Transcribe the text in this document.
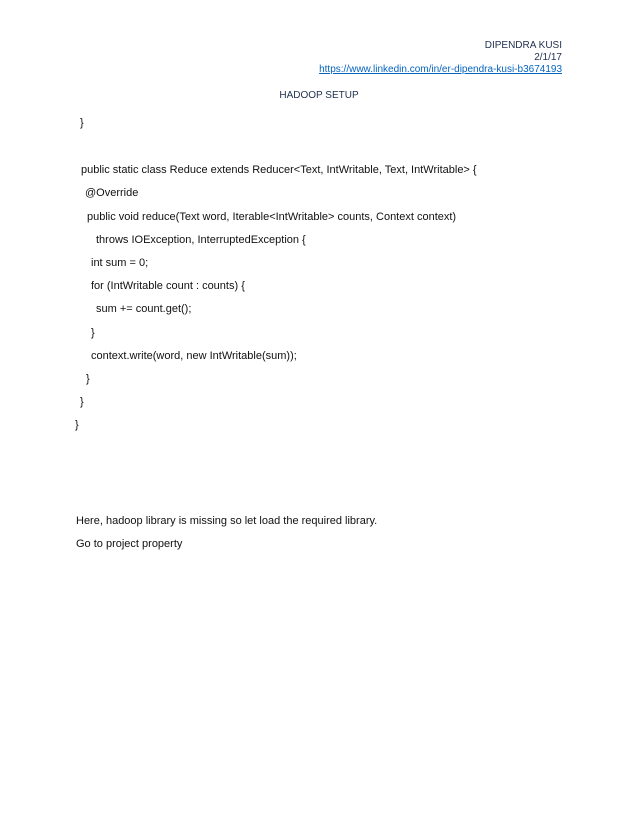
DIPENDRA KUSI
2/1/17
https://www.linkedin.com/in/er-dipendra-kusi-b3674193
HADOOP SETUP
}
public static class Reduce extends Reducer<Text, IntWritable, Text, IntWritable> {
@Override
public void reduce(Text word, Iterable<IntWritable> counts, Context context)
throws IOException, InterruptedException {
int sum = 0;
for (IntWritable count : counts) {
sum += count.get();
}
context.write(word, new IntWritable(sum));
}
}
}
Here, hadoop library is missing so let load the required library.
Go to project property
